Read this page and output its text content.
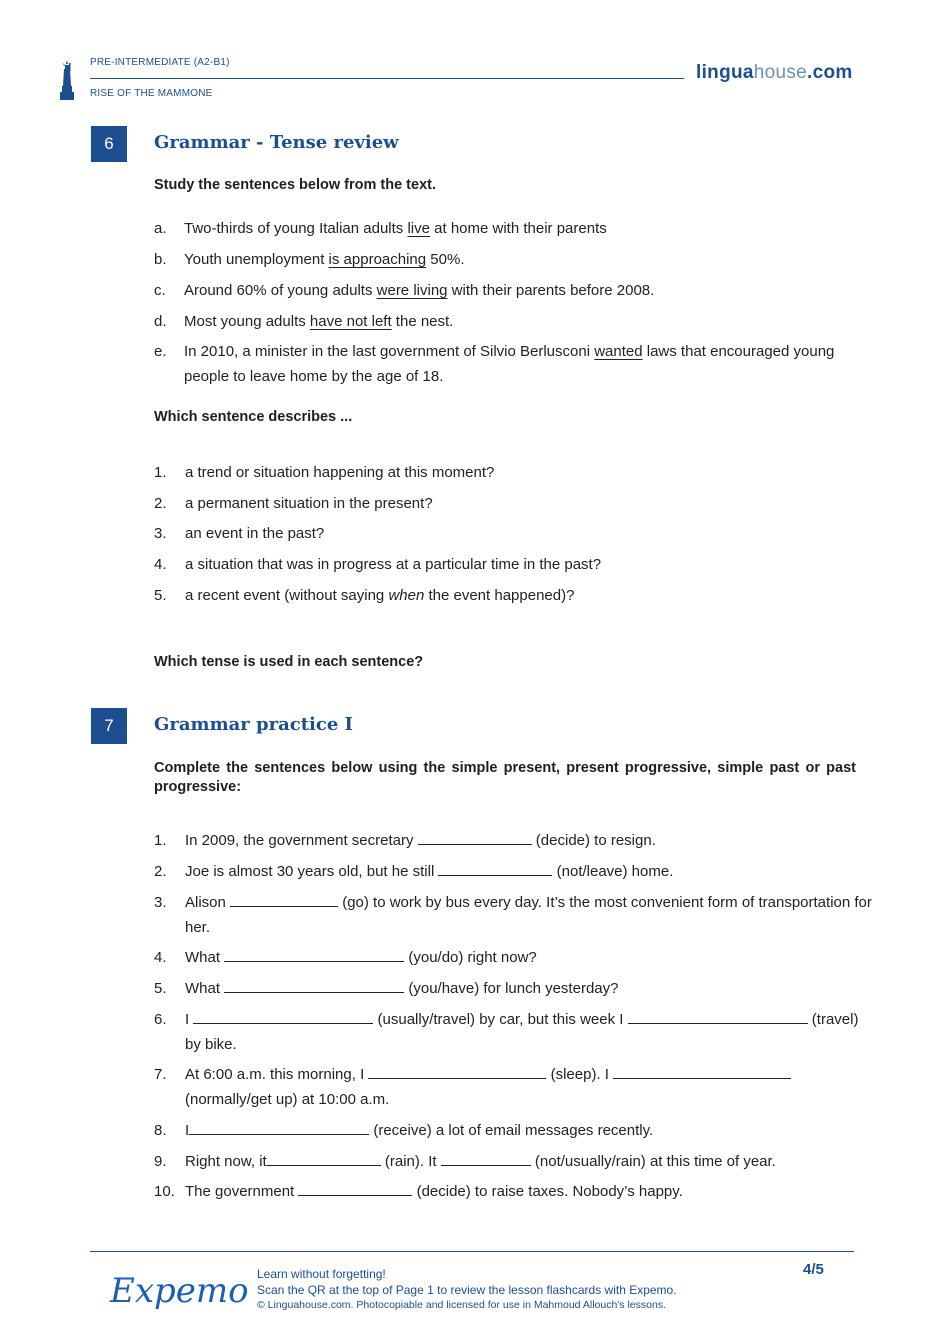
PRE-INTERMEDIATE (A2-B1)
RISE OF THE MAMMONE
linguahouse.com
6	Grammar - Tense review
Study the sentences below from the text.
a. Two-thirds of young Italian adults live at home with their parents
b. Youth unemployment is approaching 50%.
c. Around 60% of young adults were living with their parents before 2008.
d. Most young adults have not left the nest.
e. In 2010, a minister in the last government of Silvio Berlusconi wanted laws that encouraged young people to leave home by the age of 18.
Which sentence describes ...
1. a trend or situation happening at this moment?
2. a permanent situation in the present?
3. an event in the past?
4. a situation that was in progress at a particular time in the past?
5. a recent event (without saying when the event happened)?
Which tense is used in each sentence?
7	Grammar practice I
Complete the sentences below using the simple present, present progressive, simple past or past progressive:
1. In 2009, the government secretary	(decide) to resign.
2. Joe is almost 30 years old, but he still	(not/leave) home.
3. Alison	(go) to work by bus every day. It’s the most convenient form of transportation for her.
4. What	(you/do) right now?
5. What	(you/have) for lunch yesterday?
6. I	(usually/travel) by car, but this week I	(travel) by bike.
7. At 6:00 a.m. this morning, I	(sleep). I  (normally/get up) at 10:00 a.m.
8. I	(receive) a lot of email messages recently.
9. Right now, it	(rain). It	(not/usually/rain) at this time of year.
10. The government	(decide) to raise taxes. Nobody’s happy.
Expemo Learn without forgetting!
Scan the QR at the top of Page 1 to review the lesson flashcards with Expemo.
© Linguahouse.com. Photocopiable and licensed for use in Mahmoud Allouch's lessons.
4/5
